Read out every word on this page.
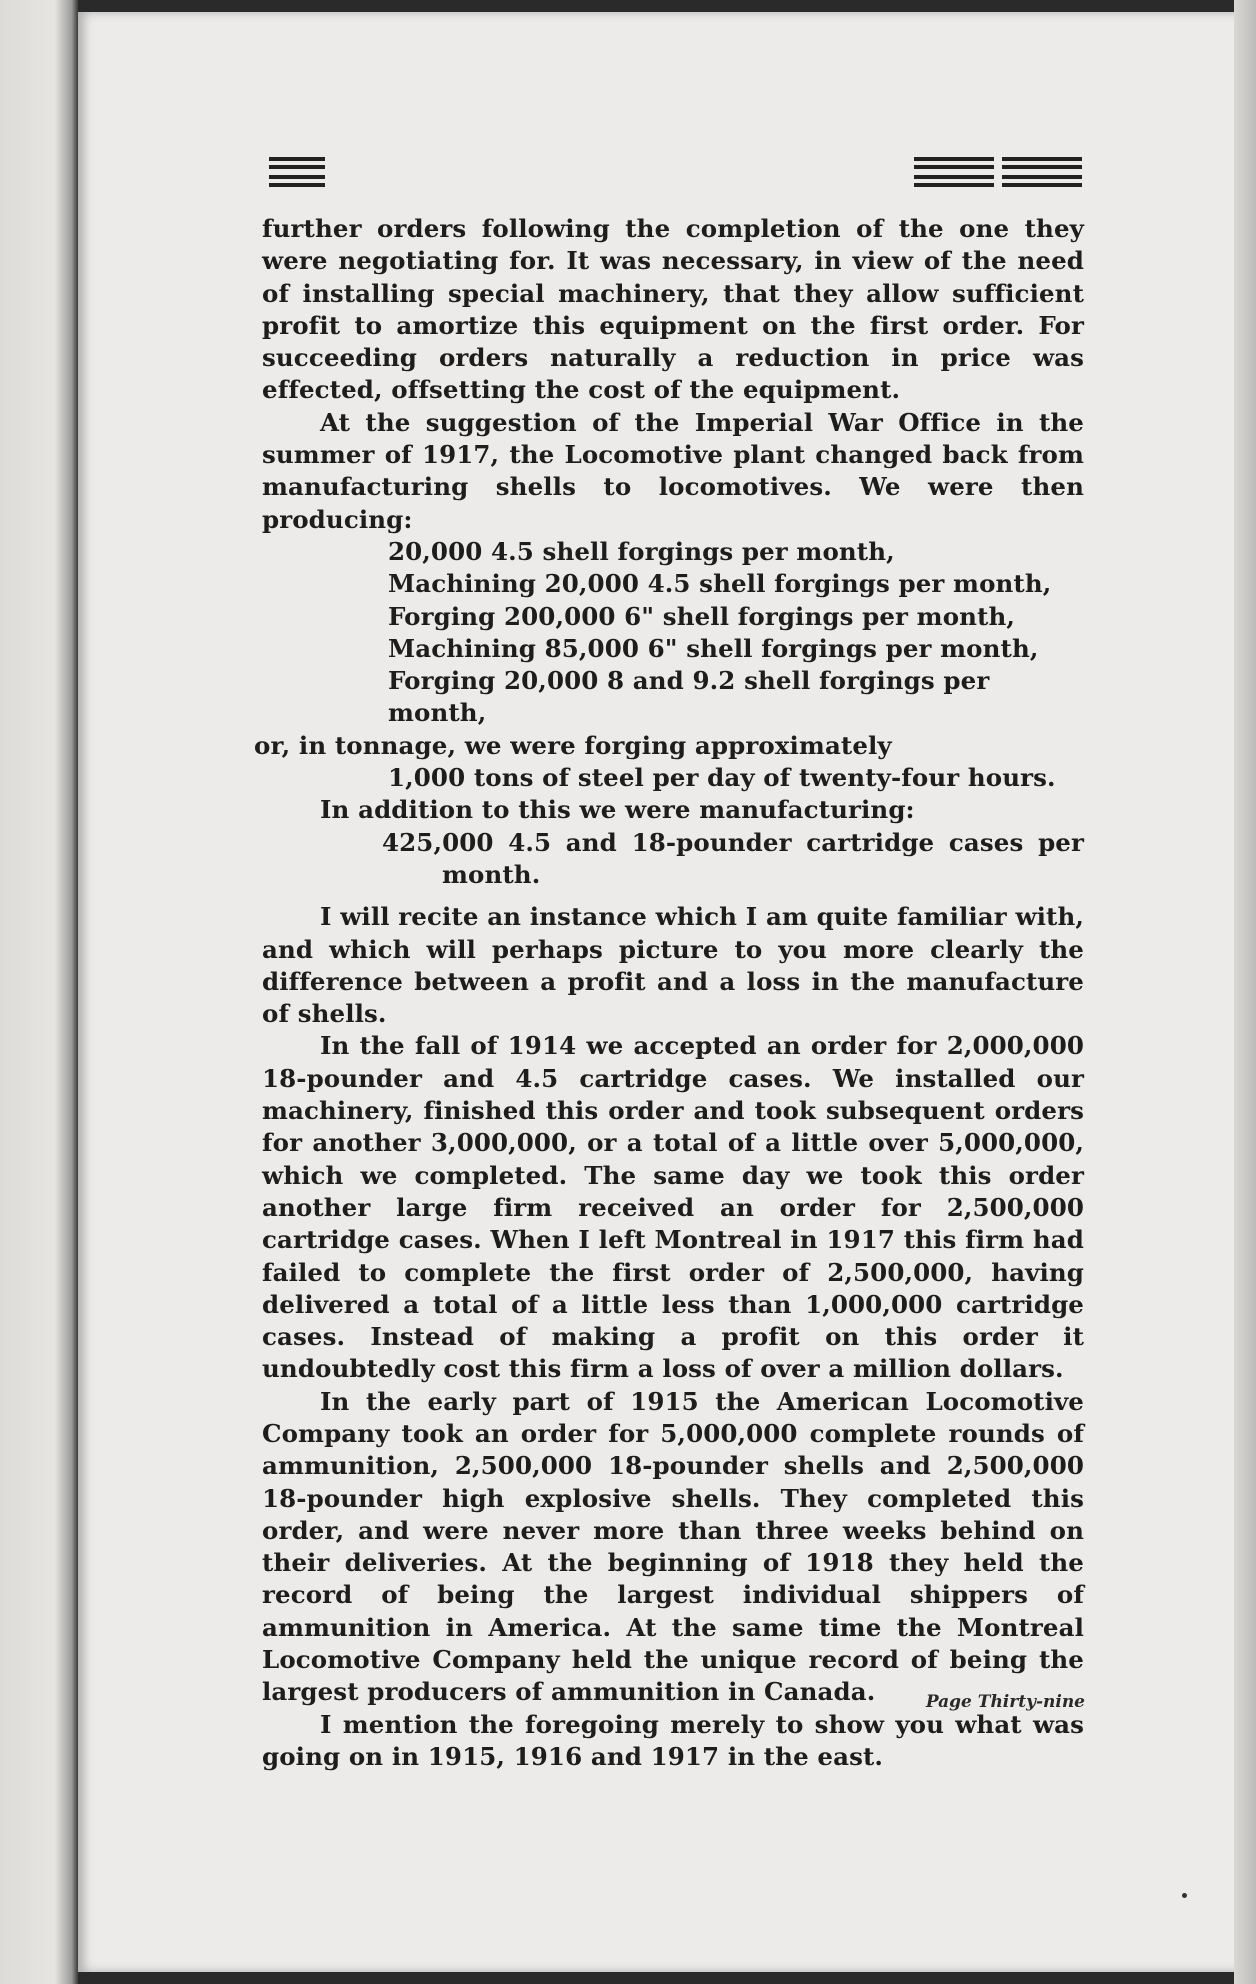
further orders following the completion of the one they were negotiating for. It was necessary, in view of the need of installing special machinery, that they allow sufficient profit to amortize this equipment on the first order. For succeeding orders naturally a reduction in price was effected, offsetting the cost of the equipment.

At the suggestion of the Imperial War Office in the summer of 1917, the Locomotive plant changed back from manufacturing shells to locomotives. We were then producing:

20,000 4.5 shell forgings per month,
Machining 20,000 4.5 shell forgings per month,
Forging 200,000 6" shell forgings per month,
Machining 85,000 6" shell forgings per month,
Forging 20,000 8 and 9.2 shell forgings per month,

or, in tonnage, we were forging approximately

1,000 tons of steel per day of twenty-four hours.

In addition to this we were manufacturing:

425,000 4.5 and 18-pounder cartridge cases per
month.

I will recite an instance which I am quite familiar with, and which will perhaps picture to you more clearly the difference between a profit and a loss in the manufacture of shells.

In the fall of 1914 we accepted an order for 2,000,000 18-pounder and 4.5 cartridge cases. We installed our machinery, finished this order and took subsequent orders for another 3,000,000, or a total of a little over 5,000,000, which we completed. The same day we took this order another large firm received an order for 2,500,000 cartridge cases. When I left Montreal in 1917 this firm had failed to complete the first order of 2,500,000, having delivered a total of a little less than 1,000,000 cartridge cases. Instead of making a profit on this order it undoubtedly cost this firm a loss of over a million dollars.

In the early part of 1915 the American Locomotive Company took an order for 5,000,000 complete rounds of ammunition, 2,500,000 18-pounder shells and 2,500,000 18-pounder high explosive shells. They completed this order, and were never more than three weeks behind on their deliveries. At the beginning of 1918 they held the record of being the largest individual shippers of ammunition in America. At the same time the Montreal Locomotive Company held the unique record of being the largest producers of ammunition in Canada.

I mention the foregoing merely to show you what was going on in 1915, 1916 and 1917 in the east.

Page Thirty-nine
